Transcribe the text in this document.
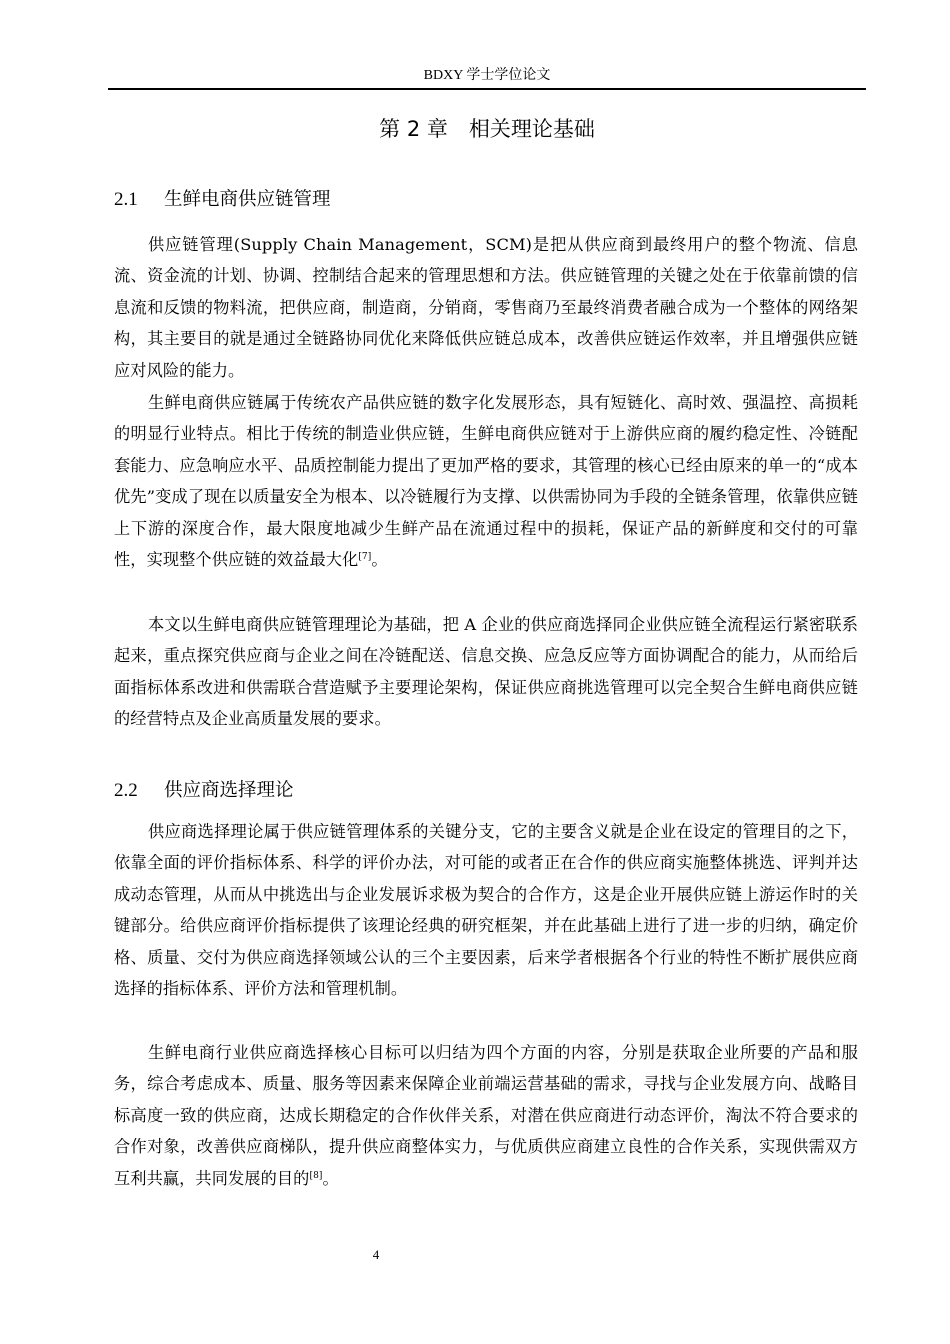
BDXY 学士学位论文
第 2 章　相关理论基础
2.1 生鲜电商供应链管理

供应链管理(Supply Chain Management，SCM)是把从供应商到最终用户的整个物流、信息流、资金流的计划、协调、控制结合起来的管理思想和方法。供应链管理的关键之处在于依靠前馈的信息流和反馈的物料流，把供应商，制造商，分销商，零售商乃至最终消费者融合成为一个整体的网络架构，其主要目的就是通过全链路协同优化来降低供应链总成本，改善供应链运作效率，并且增强供应链应对风险的能力。

生鲜电商供应链属于传统农产品供应链的数字化发展形态，具有短链化、高时效、强温控、高损耗的明显行业特点。相比于传统的制造业供应链，生鲜电商供应链对于上游供应商的履约稳定性、冷链配套能力、应急响应水平、品质控制能力提出了更加严格的要求，其管理的核心已经由原来的单一的“成本优先”变成了现在以质量安全为根本、以冷链履行为支撑、以供需协同为手段的全链条管理，依靠供应链上下游的深度合作，最大限度地减少生鲜产品在流通过程中的损耗，保证产品的新鲜度和交付的可靠性，实现整个供应链的效益最大化[7]。

本文以生鲜电商供应链管理理论为基础，把 A 企业的供应商选择同企业供应链全流程运行紧密联系起来，重点探究供应商与企业之间在冷链配送、信息交换、应急反应等方面协调配合的能力，从而给后面指标体系改进和供需联合营造赋予主要理论架构，保证供应商挑选管理可以完全契合生鲜电商供应链的经营特点及企业高质量发展的要求。

2.2 供应商选择理论

供应商选择理论属于供应链管理体系的关键分支，它的主要含义就是企业在设定的管理目的之下，依靠全面的评价指标体系、科学的评价办法，对可能的或者正在合作的供应商实施整体挑选、评判并达成动态管理，从而从中挑选出与企业发展诉求极为契合的合作方，这是企业开展供应链上游运作时的关键部分。给供应商评价指标提供了该理论经典的研究框架，并在此基础上进行了进一步的归纳，确定价格、质量、交付为供应商选择领域公认的三个主要因素，后来学者根据各个行业的特性不断扩展供应商选择的指标体系、评价方法和管理机制。

生鲜电商行业供应商选择核心目标可以归结为四个方面的内容，分别是获取企业所要的产品和服务，综合考虑成本、质量、服务等因素来保障企业前端运营基础的需求，寻找与企业发展方向、战略目标高度一致的供应商，达成长期稳定的合作伙伴关系，对潜在供应商进行动态评价，淘汰不符合要求的合作对象，改善供应商梯队，提升供应商整体实力，与优质供应商建立良性的合作关系，实现供需双方互利共赢，共同发展的目的[8]。

4
